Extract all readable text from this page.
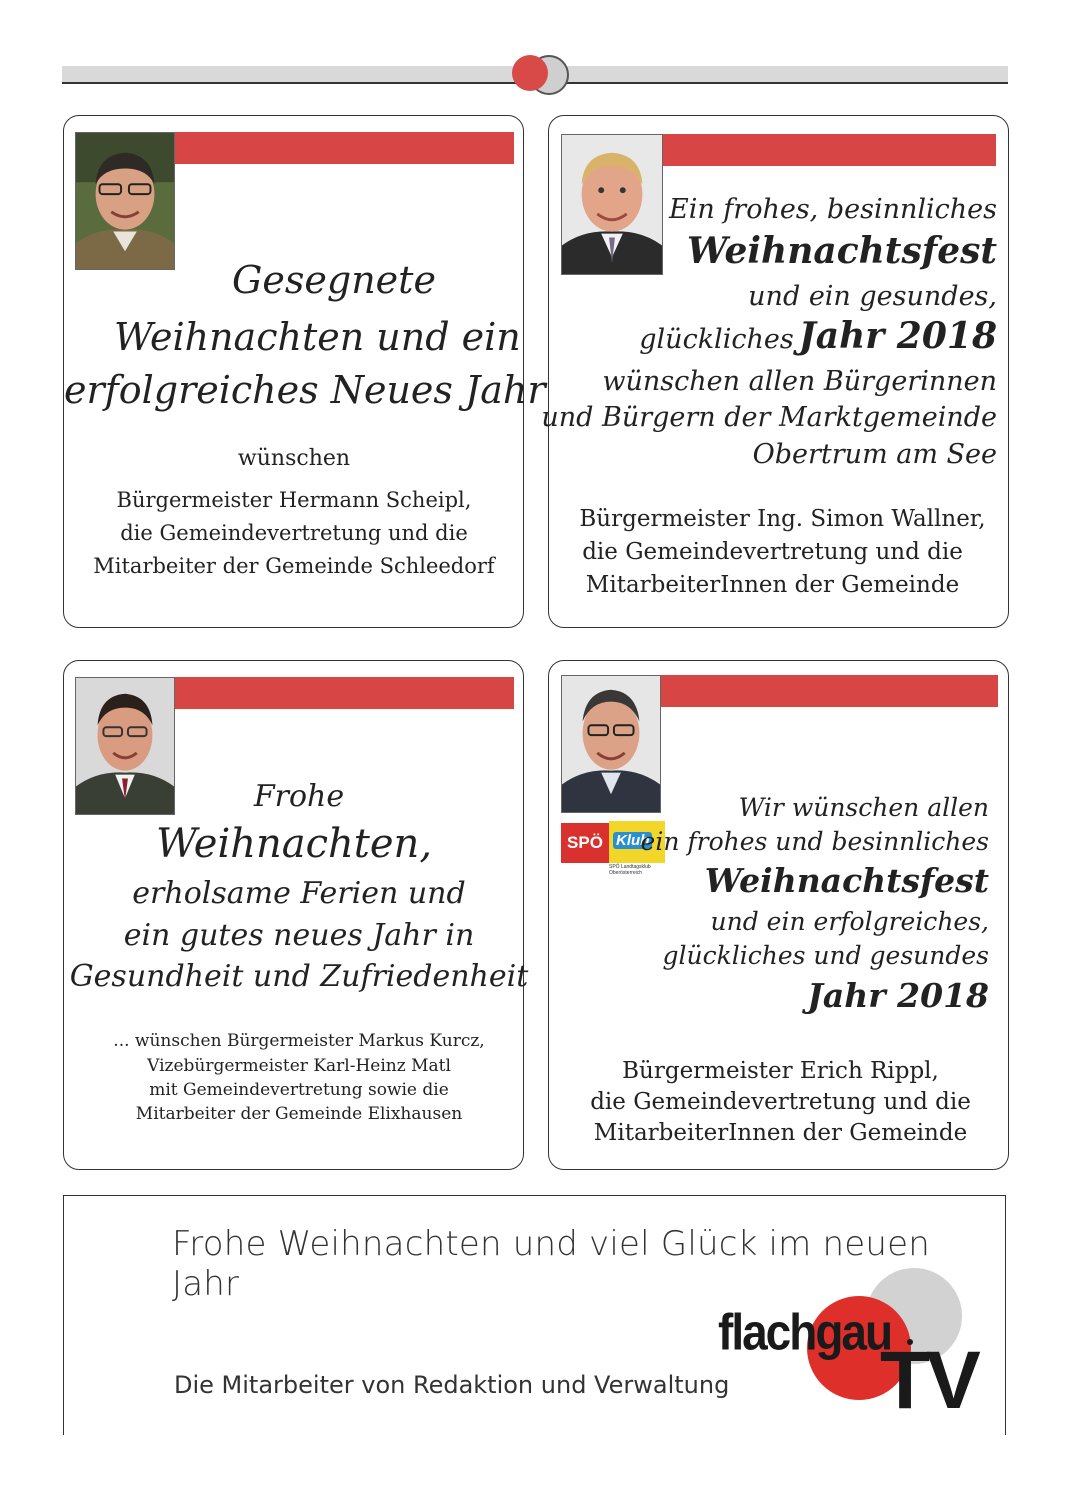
Gesegnete
Weihnachten und ein
erfolgreiches Neues Jahr
wünschen
Bürgermeister Hermann Scheipl,
die Gemeindevertretung und die
Mitarbeiter der Gemeinde Schleedorf
Ein frohes, besinnliches
Weihnachtsfest
und ein gesundes,
glückliches Jahr 2018
wünschen allen Bürgerinnen
und Bürgern der Marktgemeinde
Obertrum am See
Bürgermeister Ing. Simon Wallner,
die Gemeindevertretung und die
MitarbeiterInnen der Gemeinde
Frohe
Weihnachten,
erholsame Ferien und
ein gutes neues Jahr in
Gesundheit und Zufriedenheit
... wünschen Bürgermeister Markus Kurcz,
Vizebürgermeister Karl-Heinz Matl
mit Gemeindevertretung sowie die
Mitarbeiter der Gemeinde Elixhausen
SPÖ Klub
SPÖ Landtagsklub
Oberösterreich
Wir wünschen allen
ein frohes und besinnliches
Weihnachtsfest
und ein erfolgreiches,
glückliches und gesundes
Jahr 2018
Bürgermeister Erich Rippl,
die Gemeindevertretung und die
MitarbeiterInnen der Gemeinde
Frohe Weihnachten und viel Glück im neuen Jahr
Die Mitarbeiter von Redaktion und Verwaltung
flachgau
TV
